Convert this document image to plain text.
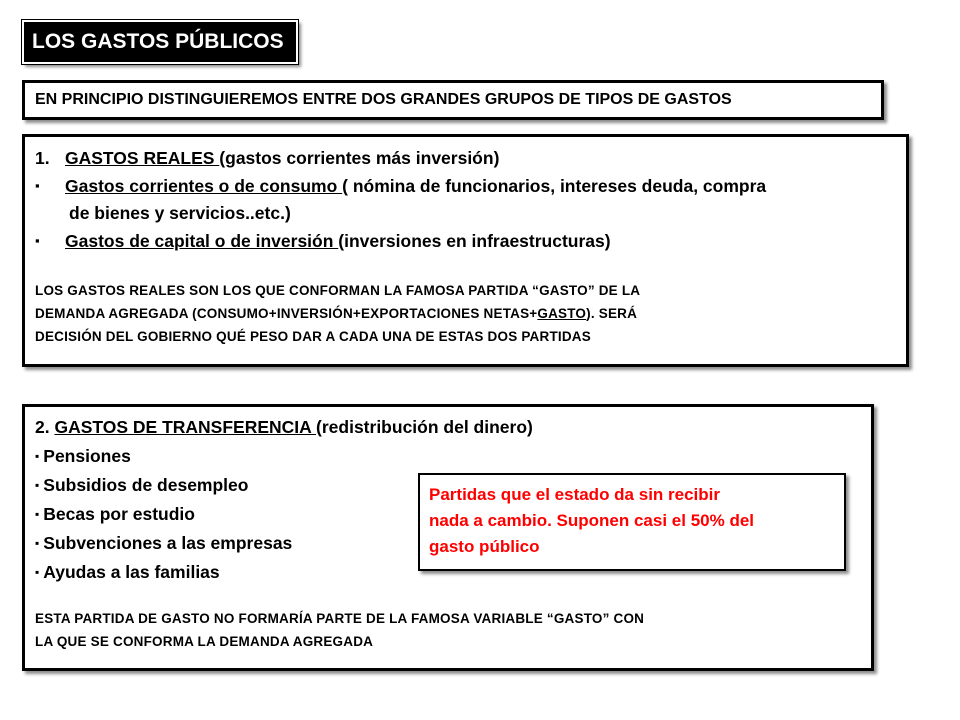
LOS GASTOS PÚBLICOS
EN PRINCIPIO DISTINGUIEREMOS ENTRE DOS GRANDES GRUPOS DE TIPOS DE GASTOS
1. GASTOS REALES (gastos corrientes más inversión)
▪ Gastos corrientes o de consumo ( nómina de funcionarios, intereses deuda, compra
de bienes y servicios..etc.)
▪ Gastos de capital o de inversión (inversiones en infraestructuras)
LOS GASTOS REALES SON LOS QUE CONFORMAN LA FAMOSA PARTIDA “GASTO” DE LA
DEMANDA AGREGADA (CONSUMO+INVERSIÓN+EXPORTACIONES NETAS+GASTO). SERÁ
DECISIÓN DEL GOBIERNO QUÉ PESO DAR A CADA UNA DE ESTAS DOS PARTIDAS
2. GASTOS DE TRANSFERENCIA (redistribución del dinero)
▪ Pensiones
▪ Subsidios de desempleo
▪ Becas por estudio
▪ Subvenciones a las empresas
▪ Ayudas a las familias
ESTA PARTIDA DE GASTO NO FORMARÍA PARTE DE LA FAMOSA VARIABLE “GASTO” CON
LA QUE SE CONFORMA LA DEMANDA AGREGADA
Partidas que el estado da sin recibir
nada a cambio. Suponen casi el 50% del
gasto público
